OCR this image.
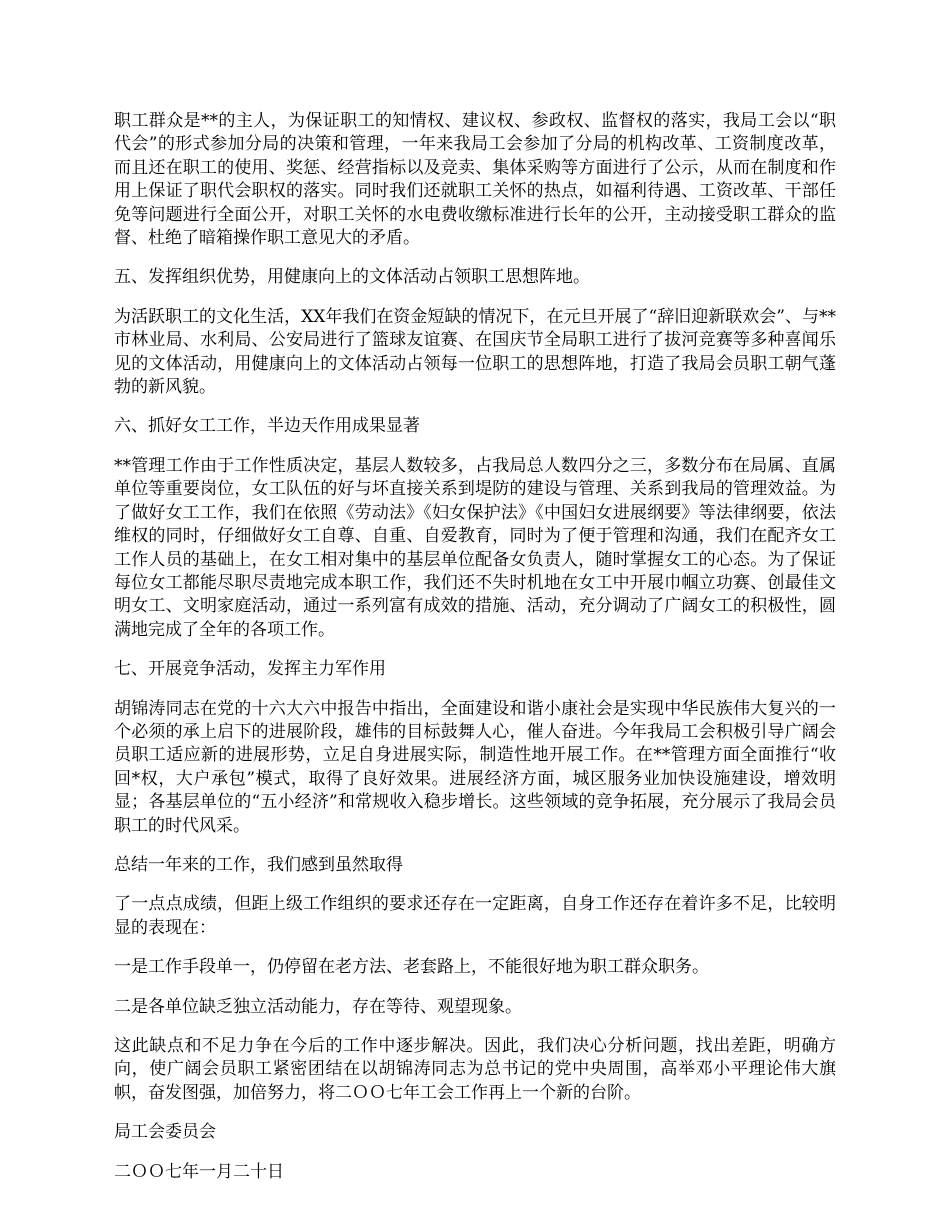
职工群众是**的主人，为保证职工的知情权、建议权、参政权、监督权的落实，我局工会以“职代会”的形式参加分局的决策和管理，一年来我局工会参加了分局的机构改革、工资制度改革，而且还在职工的使用、奖惩、经营指标以及竞卖、集体采购等方面进行了公示，从而在制度和作用上保证了职代会职权的落实。同时我们还就职工关怀的热点，如福利待遇、工资改革、干部任免等问题进行全面公开，对职工关怀的水电费收缴标准进行长年的公开，主动接受职工群众的监督、杜绝了暗箱操作职工意见大的矛盾。

五、发挥组织优势，用健康向上的文体活动占领职工思想阵地。

为活跃职工的文化生活，XX年我们在资金短缺的情况下，在元旦开展了“辞旧迎新联欢会”、与**市林业局、水利局、公安局进行了篮球友谊赛、在国庆节全局职工进行了拔河竞赛等多种喜闻乐见的文体活动，用健康向上的文体活动占领每一位职工的思想阵地，打造了我局会员职工朝气蓬勃的新风貌。

六、抓好女工工作，半边天作用成果显著

**管理工作由于工作性质决定，基层人数较多，占我局总人数四分之三，多数分布在局属、直属单位等重要岗位，女工队伍的好与坏直接关系到堤防的建设与管理、关系到我局的管理效益。为了做好女工工作，我们在依照《劳动法》《妇女保护法》《中国妇女进展纲要》等法律纲要，依法维权的同时，仔细做好女工自尊、自重、自爱教育，同时为了便于管理和沟通，我们在配齐女工工作人员的基础上，在女工相对集中的基层单位配备女负责人，随时掌握女工的心态。为了保证每位女工都能尽职尽责地完成本职工作，我们还不失时机地在女工中开展巾帼立功赛、创最佳文明女工、文明家庭活动，通过一系列富有成效的措施、活动，充分调动了广阔女工的积极性，圆满地完成了全年的各项工作。

七、开展竞争活动，发挥主力军作用

胡锦涛同志在党的十六大六中报告中指出，全面建设和谐小康社会是实现中华民族伟大复兴的一个必须的承上启下的进展阶段，雄伟的目标鼓舞人心，催人奋进。今年我局工会积极引导广阔会员职工适应新的进展形势，立足自身进展实际，制造性地开展工作。在**管理方面全面推行“收回*权，大户承包”模式，取得了良好效果。进展经济方面，城区服务业加快设施建设，增效明显；各基层单位的“五小经济”和常规收入稳步增长。这些领域的竞争拓展，充分展示了我局会员职工的时代风采。

总结一年来的工作，我们感到虽然取得

了一点点成绩，但距上级工作组织的要求还存在一定距离，自身工作还存在着许多不足，比较明显的表现在：

一是工作手段单一，仍停留在老方法、老套路上，不能很好地为职工群众职务。

二是各单位缺乏独立活动能力，存在等待、观望现象。

这此缺点和不足力争在今后的工作中逐步解决。因此，我们决心分析问题，找出差距，明确方向，使广阔会员职工紧密团结在以胡锦涛同志为总书记的党中央周围，高举邓小平理论伟大旗帜，奋发图强，加倍努力，将二ＯＯ七年工会工作再上一个新的台阶。

局工会委员会

二ＯＯ七年一月二十日
